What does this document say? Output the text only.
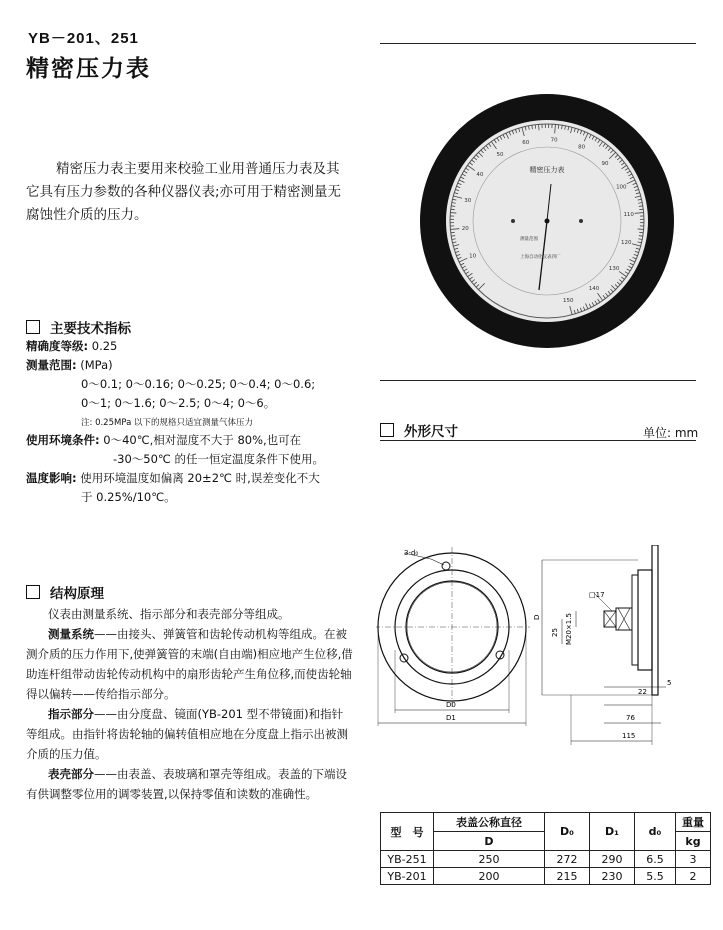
YB－201、251
精密压力表
精密压力表主要用来校验工业用普通压力表及其它具有压力参数的各种仪器仪表;亦可用于精密测量无腐蚀性介质的压力。
10
20
30
40
50
60	70
80
90
100
110
120
130
140
150
精密压力表
测量范围
上海自动化仪表四厂
主要技术指标
精确度等级: 0.25
测量范围: (MPa)
0～0.1; 0～0.16; 0～0.25; 0～0.4; 0～0.6;
0～1; 0～1.6; 0～2.5; 0～4; 0～6。
注: 0.25MPa 以下的规格只适宜测量气体压力
使用环境条件: 0～40℃,相对湿度不大于 80%,也可在
-30～50℃ 的任一恒定温度条件下使用。
温度影响: 使用环境温度如偏离 20±2℃ 时,误差变化不大
于 0.25%/10℃。
外形尺寸	单位: mm
结构原理

仪表由测量系统、指示部分和表壳部分等组成。

测量系统——由接头、弹簧管和齿轮传动机构等组成。在被测介质的压力作用下,使弹簧管的末端(自由端)相应地产生位移,借助连杆组带动齿轮传动机构中的扇形齿轮产生角位移,而使齿轮轴得以偏转——传给指示部分。

指示部分——由分度盘、镜面(YB-201 型不带镜面)和指针等组成。由指针将齿轮轴的偏转值相应地在分度盘上指示出被测介质的压力值。

表壳部分——由表盖、表玻璃和罩壳等组成。表盖的下端设有供调整零位用的调零装置,以保持零值和读数的准确性。

3-d₀
D0
D1
D
□17
M20×1.5
25
5
22
76
115
型　号	表盖公称直径	D₀	D₁	d₀	重量
	D				kg
YB-251	250	272	290	6.5	3
YB-201	200	215	230	5.5	2
